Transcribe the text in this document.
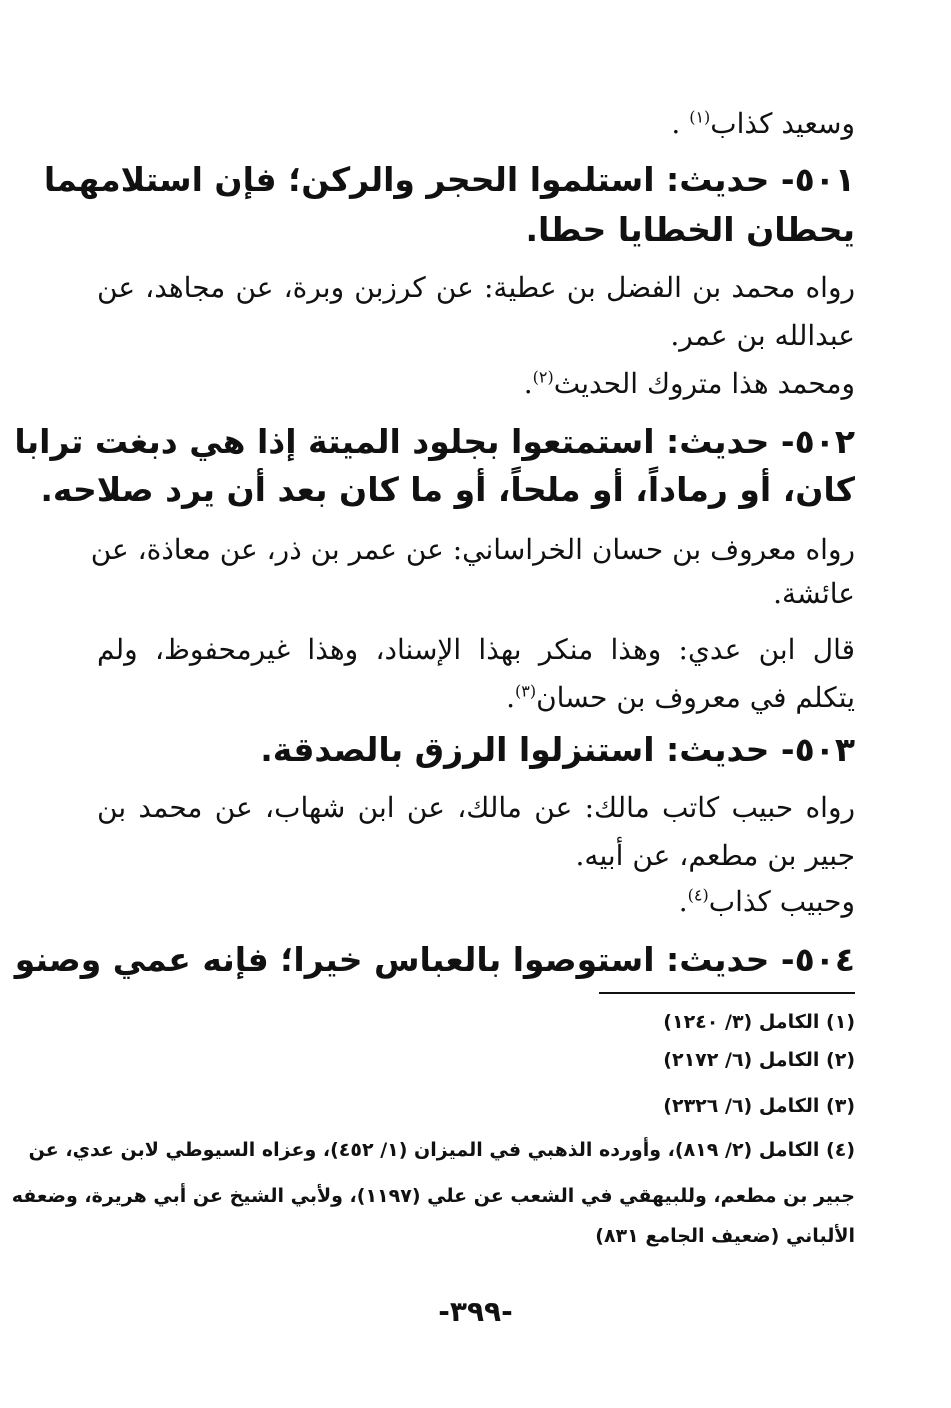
وسعيد كذاب$^{(١)}$ .
٥٠١- حديث: استلموا الحجر والركن؛ فإن استلامهما
يحطان الخطايا حطا.
رواه محمد بن الفضل بن عطية: عن كرزبن وبرة، عن مجاهد، عن
عبدالله بن عمر.
ومحمد هذا متروك الحديث$^{(٢)}$.
٥٠٢- حديث: استمتعوا بجلود الميتة إذا هي دبغت ترابا
كان، أو رماداً، أو ملحاً، أو ما كان بعد أن يرد صلاحه.
رواه معروف بن حسان الخراساني: عن عمر بن ذر، عن معاذة، عن
عائشة.
قال ابن عدي: وهذا منكر بهذا الإسناد، وهذا غيرمحفوظ، ولم
يتكلم في معروف بن حسان$^{(٣)}$.
٥٠٣- حديث: استنزلوا الرزق بالصدقة.
رواه حبيب كاتب مالك: عن مالك، عن ابن شهاب، عن محمد بن
جبير بن مطعم، عن أبيه.
وحبيب كذاب$^{(٤)}$.
٥٠٤- حديث: استوصوا بالعباس خيرا؛ فإنه عمي وصنو
(١) الكامل (٣/ ١٢٤٠)
(٢) الكامل (٦/ ٢١٧٢)
(٣) الكامل (٦/ ٢٣٢٦)
(٤) الكامل (٢/ ٨١٩)، وأورده الذهبي في الميزان (١/ ٤٥٢)، وعزاه السيوطي لابن عدي، عن
جبير بن مطعم، وللبيهقي في الشعب عن علي (١١٩٧)، ولأبي الشيخ عن أبي هريرة، وضعفه
الألباني (ضعيف الجامع ٨٣١)
-٣٩٩-
